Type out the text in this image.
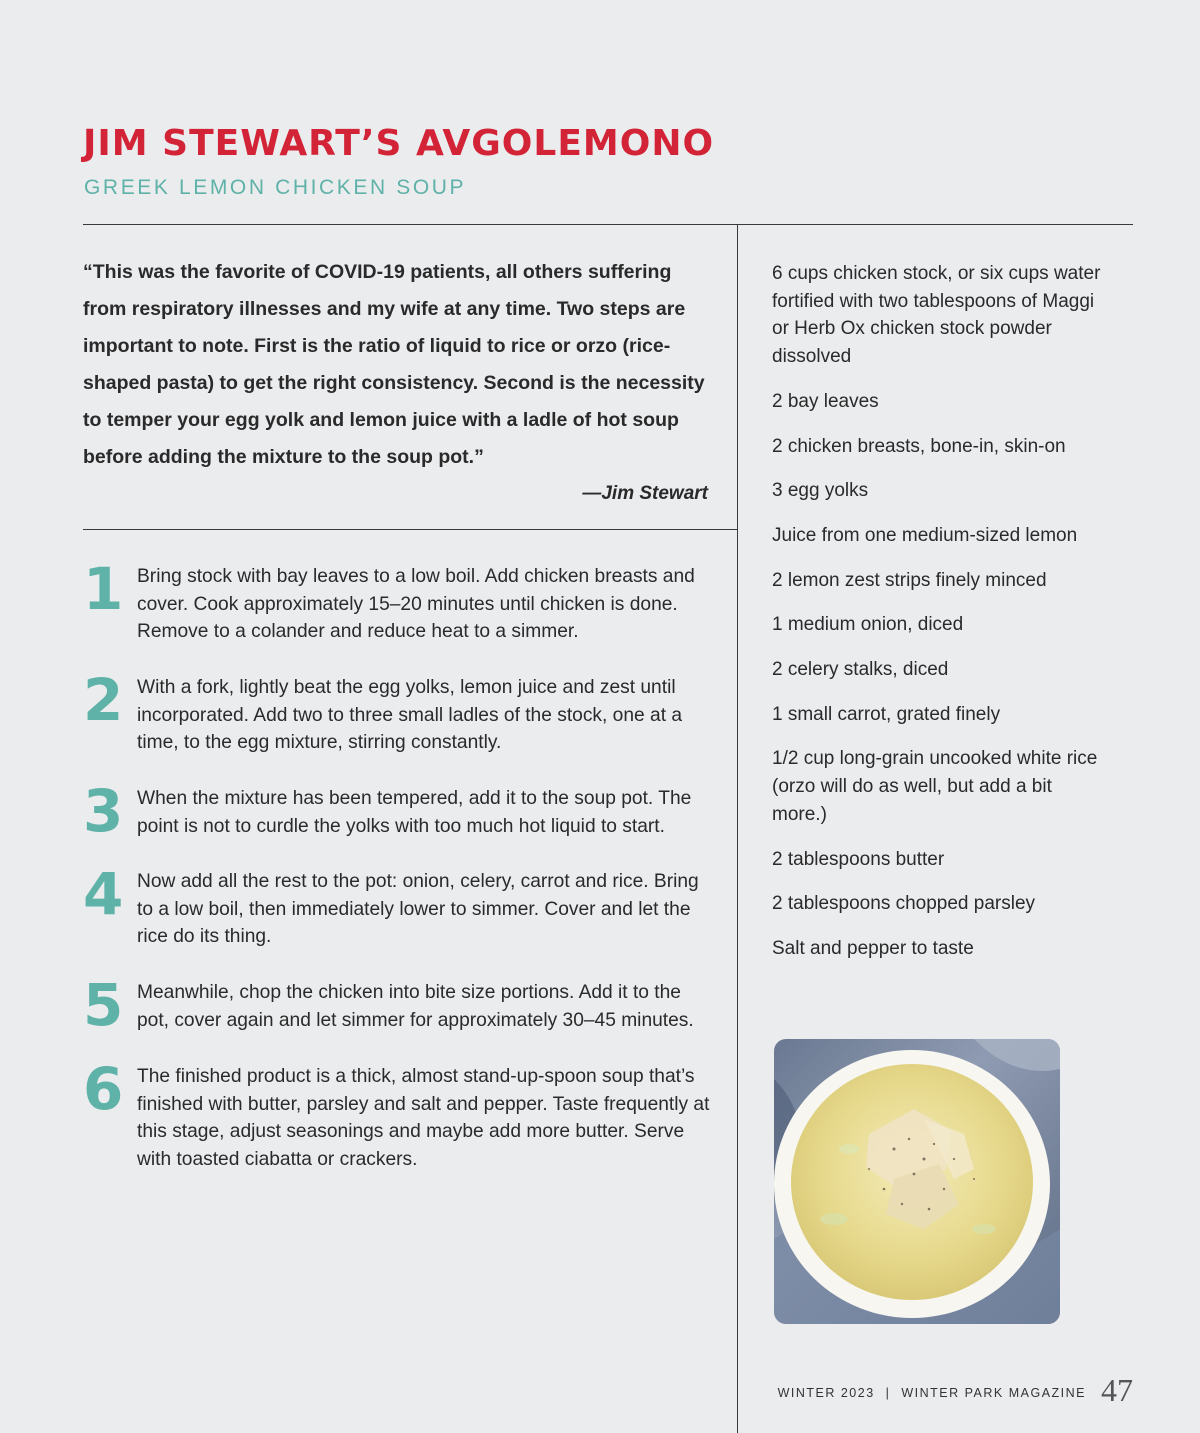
JIM STEWART’S AVGOLEMONO
GREEK LEMON CHICKEN SOUP

“This was the favorite of COVID-19 patients, all others suffering from respiratory illnesses and my wife at any time. Two steps are important to note. First is the ratio of liquid to rice or orzo (rice-shaped pasta) to get the right consistency. Second is the necessity to temper your egg yolk and lemon juice with a ladle of hot soup before adding the mixture to the soup pot.”

—Jim Stewart
1 Bring stock with bay leaves to a low boil. Add chicken breasts and cover. Cook approximately 15–20 minutes until chicken is done. Remove to a colander and reduce heat to a simmer.

2 With a fork, lightly beat the egg yolks, lemon juice and zest until incorporated. Add two to three small ladles of the stock, one at a time, to the egg mixture, stirring constantly.

3 When the mixture has been tempered, add it to the soup pot. The point is not to curdle the yolks with too much hot liquid to start.

4 Now add all the rest to the pot: onion, celery, carrot and rice. Bring to a low boil, then immediately lower to simmer. Cover and let the rice do its thing.

5 Meanwhile, chop the chicken into bite size portions. Add it to the pot, cover again and let simmer for approximately 30–45 minutes.

6 The finished product is a thick, almost stand-up-spoon soup that’s finished with butter, parsley and salt and pepper. Taste frequently at this stage, adjust seasonings and maybe add more butter. Serve with toasted ciabatta or crackers.

6 cups chicken stock, or six cups water fortified with two tablespoons of Maggi or Herb Ox chicken stock powder dissolved
2 bay leaves
2 chicken breasts, bone-in, skin-on
3 egg yolks
Juice from one medium-sized lemon
2 lemon zest strips finely minced
1 medium onion, diced
2 celery stalks, diced
1 small carrot, grated finely
1/2 cup long-grain uncooked white rice (orzo will do as well, but add a bit more.)
2 tablespoons butter
2 tablespoons chopped parsley
Salt and pepper to taste
WINTER 2023 | WINTER PARK MAGAZINE 47
